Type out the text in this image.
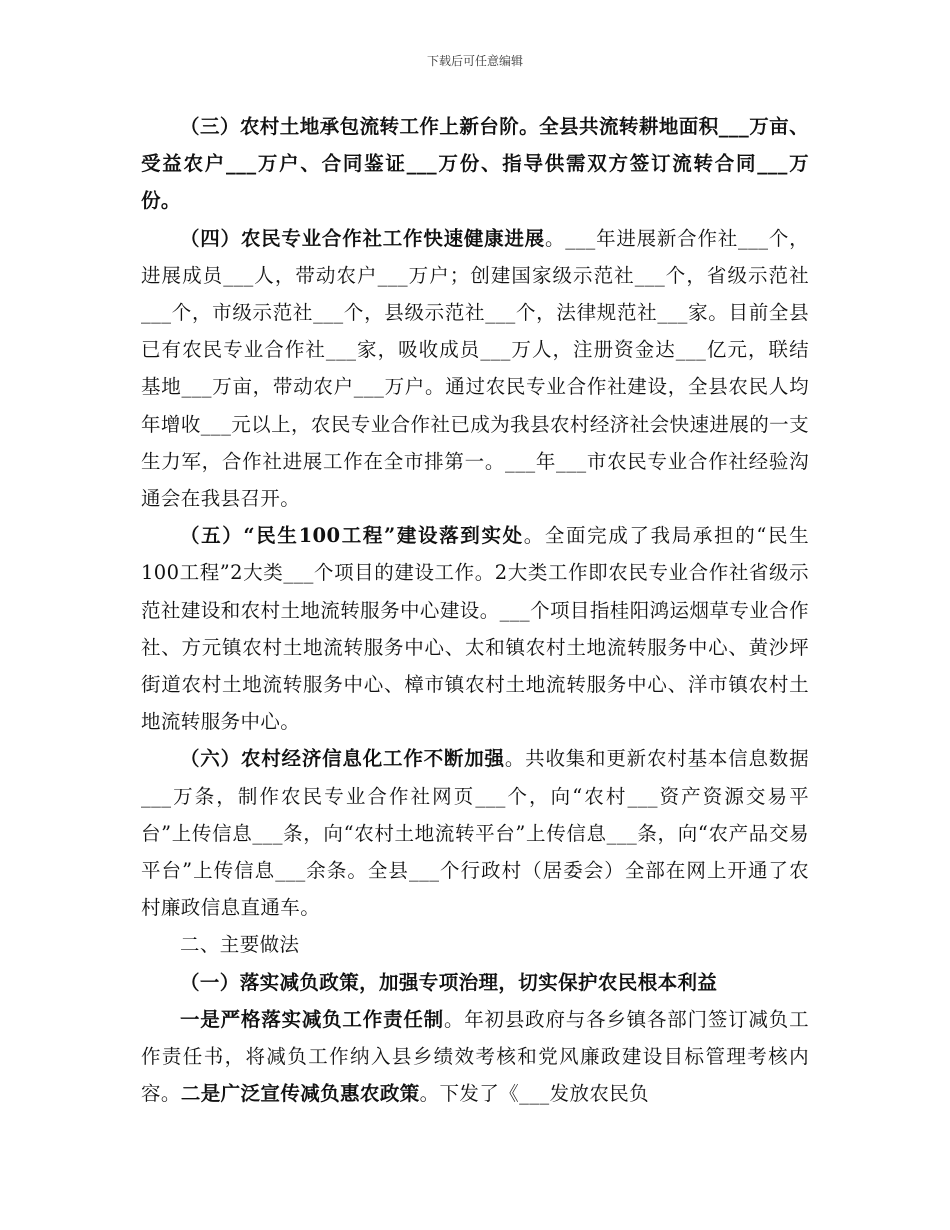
下载后可任意编辑

（三）农村土地承包流转工作上新台阶。全县共流转耕地面积___万亩、受益农户___万户、合同鉴证___万份、指导供需双方签订流转合同___万份。

（四）农民专业合作社工作快速健康进展。___年进展新合作社___个，进展成员___人，带动农户___万户；创建国家级示范社___个，省级示范社___个，市级示范社___个，县级示范社___个，法律规范社___家。目前全县已有农民专业合作社___家，吸收成员___万人，注册资金达___亿元，联结基地___万亩，带动农户___万户。通过农民专业合作社建设，全县农民人均年增收___元以上，农民专业合作社已成为我县农村经济社会快速进展的一支生力军，合作社进展工作在全市排第一。___年___市农民专业合作社经验沟通会在我县召开。

（五）“民生100工程”建设落到实处。全面完成了我局承担的“民生100工程”2大类___个项目的建设工作。2大类工作即农民专业合作社省级示范社建设和农村土地流转服务中心建设。___个项目指桂阳鸿运烟草专业合作社、方元镇农村土地流转服务中心、太和镇农村土地流转服务中心、黄沙坪街道农村土地流转服务中心、樟市镇农村土地流转服务中心、洋市镇农村土地流转服务中心。

（六）农村经济信息化工作不断加强。共收集和更新农村基本信息数据___万条，制作农民专业合作社网页___个，向“农村___资产资源交易平台”上传信息___条，向“农村土地流转平台”上传信息___条，向“农产品交易平台”上传信息___余条。全县___个行政村（居委会）全部在网上开通了农村廉政信息直通车。

二、主要做法

（一）落实减负政策，加强专项治理，切实保护农民根本利益

一是严格落实减负工作责任制。年初县政府与各乡镇各部门签订减负工作责任书，将减负工作纳入县乡绩效考核和党风廉政建设目标管理考核内容。二是广泛宣传减负惠农政策。下发了《___发放农民负
